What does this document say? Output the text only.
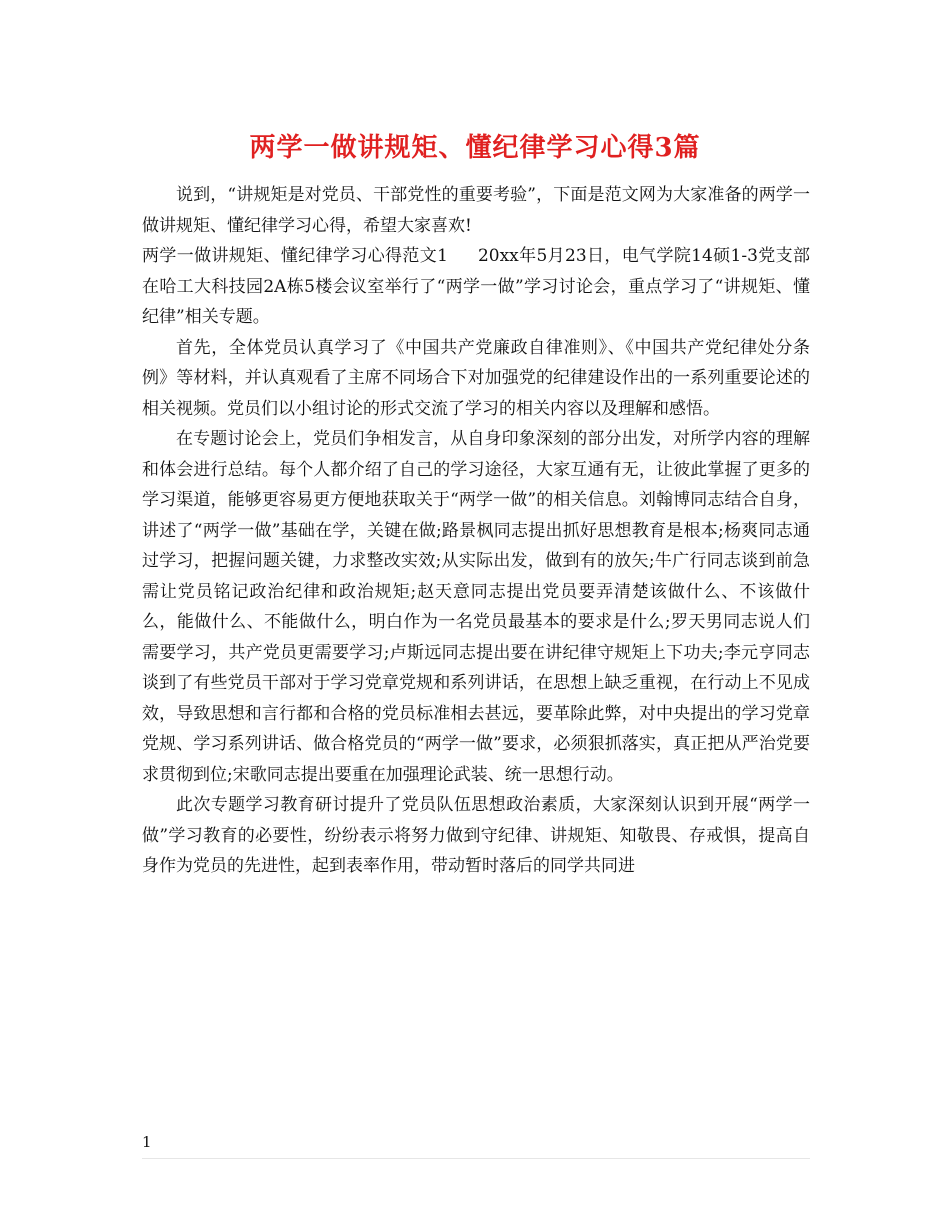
两学一做讲规矩、懂纪律学习心得3篇

说到，“讲规矩是对党员、干部党性的重要考验”，下面是范文网为大家准备的两学一做讲规矩、懂纪律学习心得，希望大家喜欢!

两学一做讲规矩、懂纪律学习心得范文1 20xx年5月23日，电气学院14硕1-3党支部在哈工大科技园2A栋5楼会议室举行了“两学一做”学习讨论会，重点学习了“讲规矩、懂纪律”相关专题。

首先，全体党员认真学习了《中国共产党廉政自律准则》、《中国共产党纪律处分条例》等材料，并认真观看了主席不同场合下对加强党的纪律建设作出的一系列重要论述的相关视频。党员们以小组讨论的形式交流了学习的相关内容以及理解和感悟。

在专题讨论会上，党员们争相发言，从自身印象深刻的部分出发，对所学内容的理解和体会进行总结。每个人都介绍了自己的学习途径，大家互通有无，让彼此掌握了更多的学习渠道，能够更容易更方便地获取关于“两学一做”的相关信息。刘翰博同志结合自身，讲述了“两学一做”基础在学，关键在做;路景枫同志提出抓好思想教育是根本;杨爽同志通过学习，把握问题关键，力求整改实效;从实际出发，做到有的放矢;牛广行同志谈到前急需让党员铭记政治纪律和政治规矩;赵天意同志提出党员要弄清楚该做什么、不该做什么，能做什么、不能做什么，明白作为一名党员最基本的要求是什么;罗天男同志说人们需要学习，共产党员更需要学习;卢斯远同志提出要在讲纪律守规矩上下功夫;李元亨同志谈到了有些党员干部对于学习党章党规和系列讲话，在思想上缺乏重视，在行动上不见成效，导致思想和言行都和合格的党员标准相去甚远，要革除此弊，对中央提出的学习党章党规、学习系列讲话、做合格党员的“两学一做”要求，必须狠抓落实，真正把从严治党要求贯彻到位;宋歌同志提出要重在加强理论武装、统一思想行动。

此次专题学习教育研讨提升了党员队伍思想政治素质，大家深刻认识到开展“两学一做”学习教育的必要性，纷纷表示将努力做到守纪律、讲规矩、知敬畏、存戒惧，提高自身作为党员的先进性，起到表率作用，带动暂时落后的同学共同进

1
